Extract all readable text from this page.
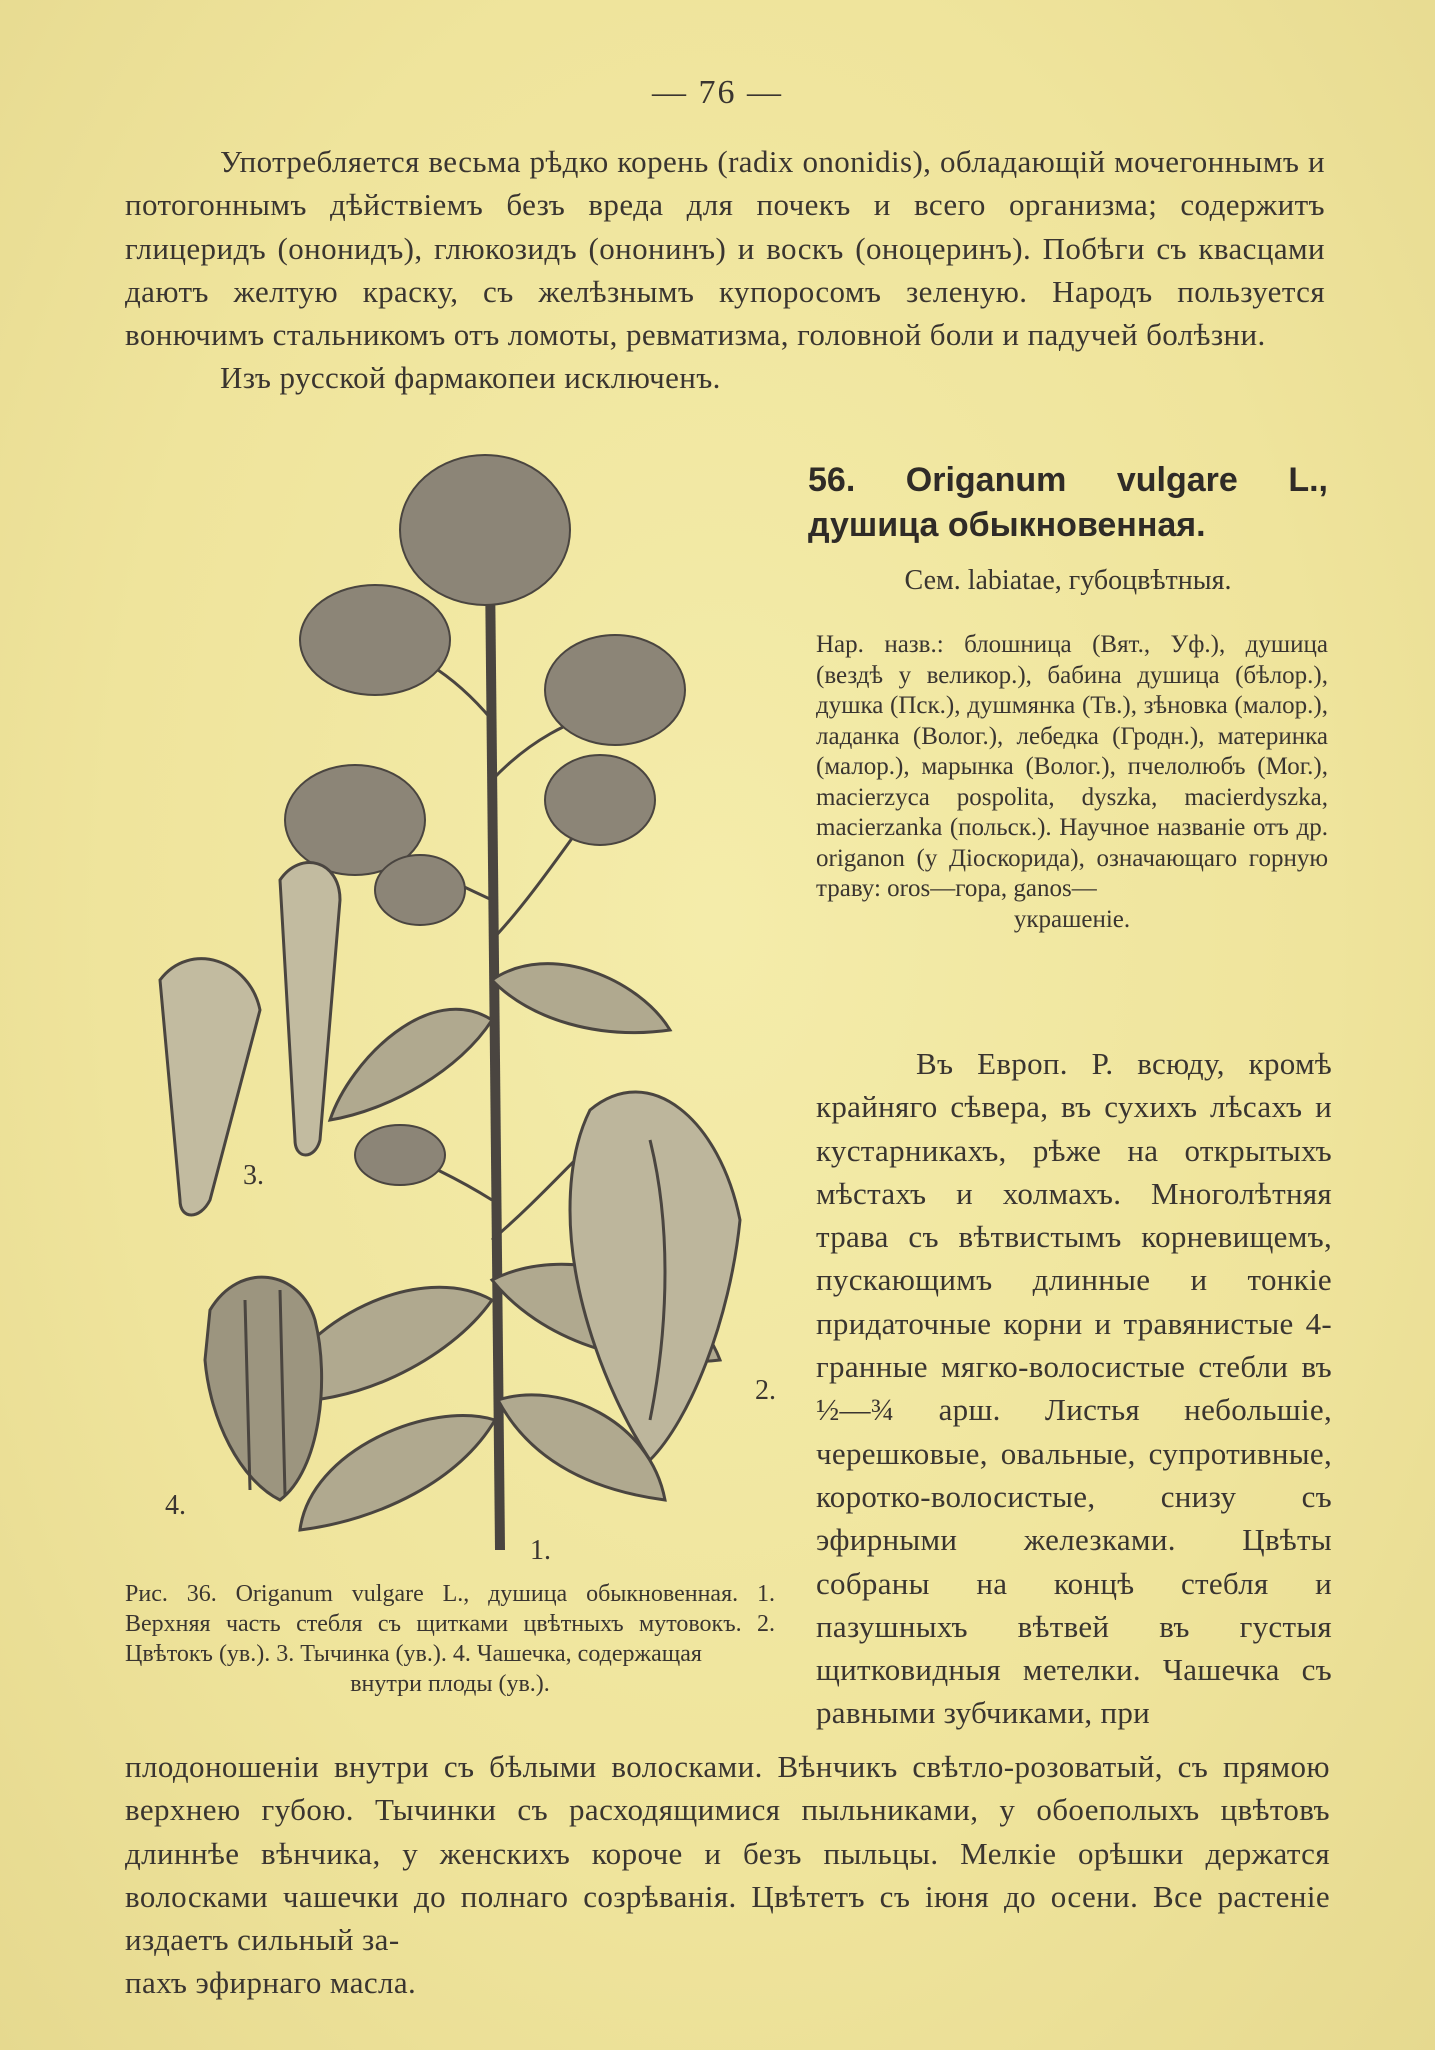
— 76 —
Употребляется весьма рѣдко корень (radix ononidis), обладающій мочегоннымъ и потогоннымъ дѣйствіемъ безъ вреда для почекъ и всего организма; содержитъ глицеридъ (ононидъ), глюкозидъ (ононинъ) и воскъ (оноцеринъ). Побѣги съ квасцами даютъ желтую краску, съ желѣзнымъ купоросомъ зеленую. Народъ пользуется вонючимъ стальникомъ отъ ломоты, ревматизма, головной боли и падучей болѣзни.
Изъ русской фармакопеи исключенъ.
3.
2.
4.
1.
56. Origanum vulgare L., душица обыкновенная.
Сем. labiatae, губоцвѣтныя.
Нар. назв.: блошница (Вят., Уф.), душица (вездѣ у великор.), бабина душица (бѣлор.), душка (Пск.), душмянка (Тв.), зѣновка (малор.), ладанка (Волог.), лебедка (Гродн.), материнка (малор.), марынка (Волог.), пчелолюбъ (Мог.), macierzyca pospolita, dyszka, macierdyszka, macierzanka (польск.). Научное названіе отъ др. origanon (у Діоскорида), означающаго горную траву: oros—гора, ganos—
украшеніе.
Въ Европ. Р. всюду, кромѣ крайняго сѣвера, въ сухихъ лѣсахъ и кустарникахъ, рѣже на открытыхъ мѣстахъ и холмахъ. Многолѣтняя трава съ вѣтвистымъ корневищемъ, пускающимъ длинные и тонкіе придаточные корни и травянистые 4-гранные мягко-волосистые стебли въ ½—¾ арш. Листья небольшіе, черешковые, овальные, супротивные, коротко-волосистые, снизу съ эфирными железками. Цвѣты собраны на концѣ стебля и пазушныхъ вѣтвей въ густыя щитковидныя метелки. Чашечка съ равными зубчиками, при
Рис. 36. Origanum vulgare L., душица обыкновенная. 1. Верхняя часть стебля съ щитками цвѣтныхъ мутовокъ. 2. Цвѣтокъ (ув.). 3. Тычинка (ув.). 4. Чашечка, содержащая
внутри плоды (ув.).
плодоношеніи внутри съ бѣлыми волосками. Вѣнчикъ свѣтло-розоватый, съ прямою верхнею губою. Тычинки съ расходящимися пыльниками, у обоеполыхъ цвѣтовъ длиннѣе вѣнчика, у женскихъ короче и безъ пыльцы. Мелкіе орѣшки держатся волосками чашечки до полнаго созрѣванія. Цвѣтетъ съ іюня до осени. Все растеніе издаетъ сильный за-
пахъ эфирнаго масла.
